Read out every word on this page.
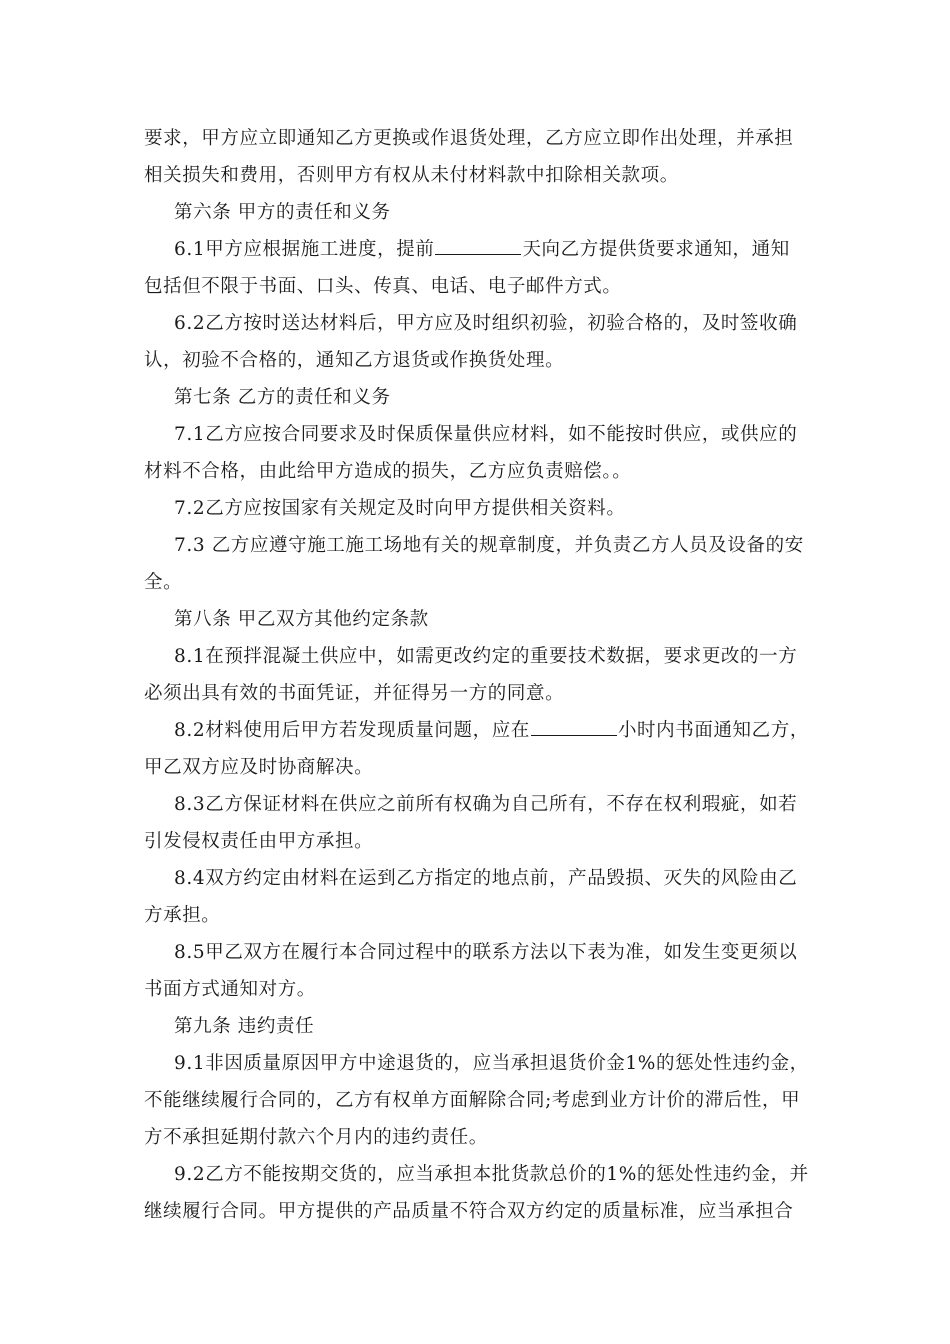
要求，甲方应立即通知乙方更换或作退货处理，乙方应立即作出处理，并承担
相关损失和费用，否则甲方有权从未付材料款中扣除相关款项。
第六条 甲方的责任和义务
6.1甲方应根据施工进度，提前	天向乙方提供货要求通知，通知
包括但不限于书面、口头、传真、电话、电子邮件方式。
6.2乙方按时送达材料后，甲方应及时组织初验，初验合格的，及时签收确
认，初验不合格的，通知乙方退货或作换货处理。
第七条 乙方的责任和义务
7.1乙方应按合同要求及时保质保量供应材料，如不能按时供应，或供应的
材料不合格，由此给甲方造成的损失，乙方应负责赔偿。。
7.2乙方应按国家有关规定及时向甲方提供相关资料。
7.3 乙方应遵守施工施工场地有关的规章制度，并负责乙方人员及设备的安
全。
第八条 甲乙双方其他约定条款
8.1在预拌混凝土供应中，如需更改约定的重要技术数据，要求更改的一方
必须出具有效的书面凭证，并征得另一方的同意。
8.2材料使用后甲方若发现质量问题，应在	小时内书面通知乙方，
甲乙双方应及时协商解决。
8.3乙方保证材料在供应之前所有权确为自己所有，不存在权利瑕疵，如若
引发侵权责任由甲方承担。
8.4双方约定由材料在运到乙方指定的地点前，产品毁损、灭失的风险由乙
方承担。
8.5甲乙双方在履行本合同过程中的联系方法以下表为准，如发生变更须以
书面方式通知对方。
第九条 违约责任
9.1非因质量原因甲方中途退货的，应当承担退货价金1%的惩处性违约金，
不能继续履行合同的，乙方有权单方面解除合同;考虑到业方计价的滞后性，甲
方不承担延期付款六个月内的违约责任。
9.2乙方不能按期交货的，应当承担本批货款总价的1%的惩处性违约金，并
继续履行合同。甲方提供的产品质量不符合双方约定的质量标准，应当承担合
